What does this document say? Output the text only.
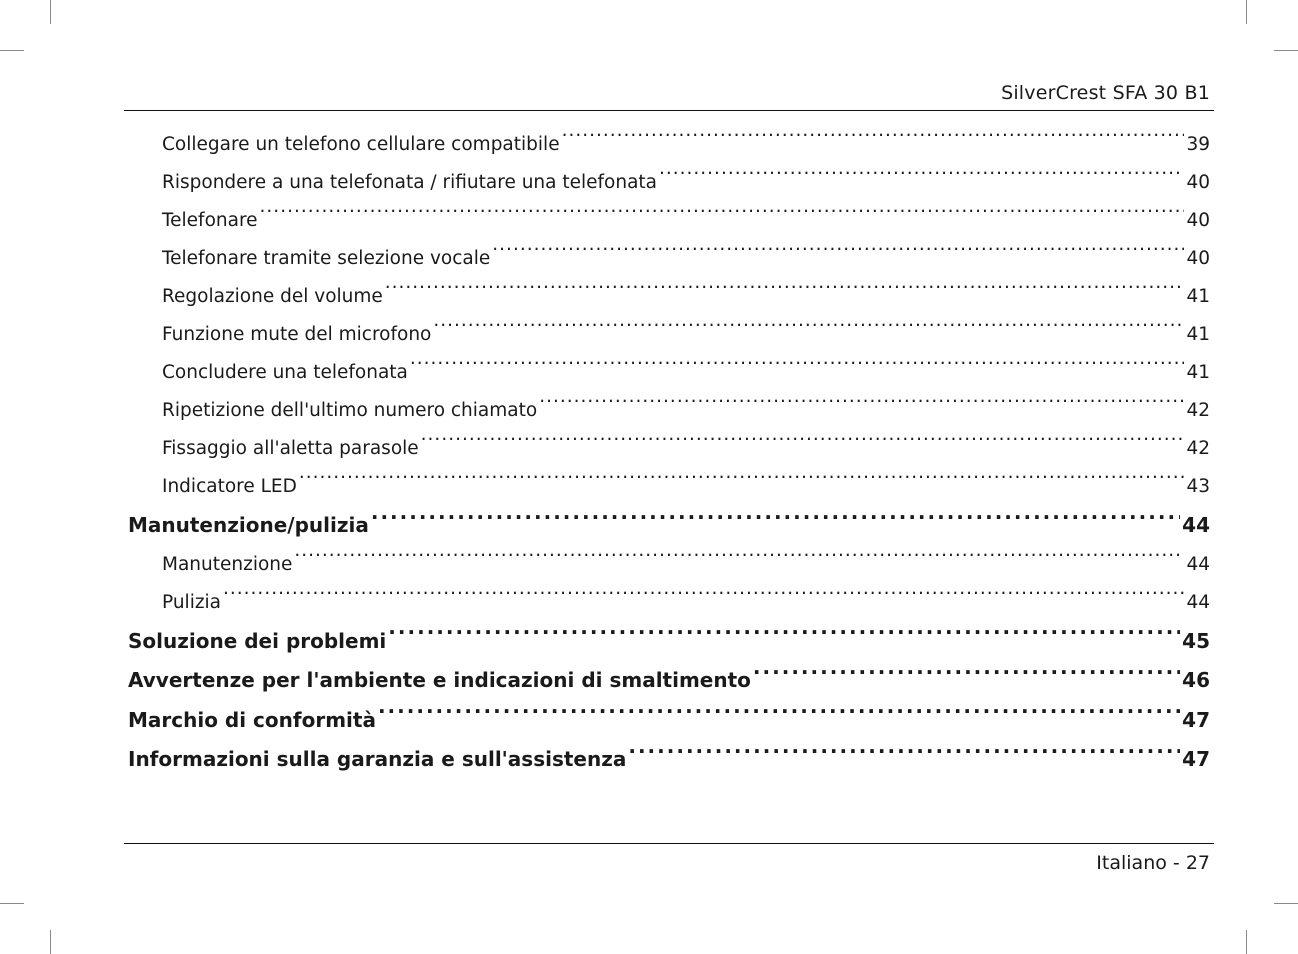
SilverCrest SFA 30 B1
Collegare un telefono cellulare compatibile .....	39
Rispondere a una telefonata / rifiutare una telefonata .....	40
Telefonare .....	40
Telefonare tramite selezione vocale .....	40
Regolazione del volume .....	41
Funzione mute del microfono .....	41
Concludere una telefonata .....	41
Ripetizione dell'ultimo numero chiamato .....	42
Fissaggio all'aletta parasole .....	42
Indicatore LED .....	43
Manutenzione/pulizia .....	44
Manutenzione .....	44
Pulizia .....	44
Soluzione dei problemi .....	45
Avvertenze per l'ambiente e indicazioni di smaltimento .....	46
Marchio di conformità .....	47
Informazioni sulla garanzia e sull'assistenza .....	47
Italiano - 27
